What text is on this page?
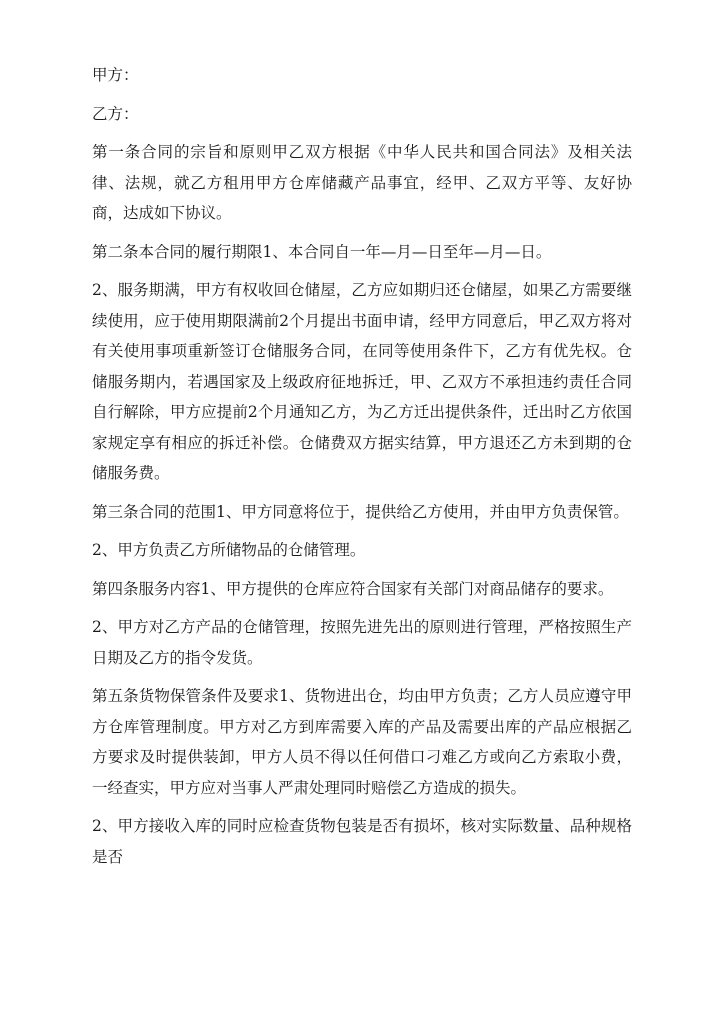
甲方：

乙方：

第一条合同的宗旨和原则甲乙双方根据《中华人民共和国合同法》及相关法律、法规，就乙方租用甲方仓库储藏产品事宜，经甲、乙双方平等、友好协商，达成如下协议。

第二条本合同的履行期限1、本合同自一年—月—日至年—月—日。

2、服务期满，甲方有权收回仓储屋，乙方应如期归还仓储屋，如果乙方需要继续使用，应于使用期限满前2个月提出书面申请，经甲方同意后，甲乙双方将对有关使用事项重新签订仓储服务合同，在同等使用条件下，乙方有优先权。仓储服务期内，若遇国家及上级政府征地拆迁，甲、乙双方不承担违约责任合同自行解除，甲方应提前2个月通知乙方，为乙方迁出提供条件，迁出时乙方依国家规定享有相应的拆迁补偿。仓储费双方据实结算，甲方退还乙方未到期的仓储服务费。

第三条合同的范围1、甲方同意将位于，提供给乙方使用，并由甲方负责保管。

2、甲方负责乙方所储物品的仓储管理。

第四条服务内容1、甲方提供的仓库应符合国家有关部门对商品储存的要求。

2、甲方对乙方产品的仓储管理，按照先进先出的原则进行管理，严格按照生产日期及乙方的指令发货。

第五条货物保管条件及要求1、货物进出仓，均由甲方负责；乙方人员应遵守甲方仓库管理制度。甲方对乙方到库需要入库的产品及需要出库的产品应根据乙方要求及时提供装卸，甲方人员不得以任何借口刁难乙方或向乙方索取小费，一经查实，甲方应对当事人严肃处理同时赔偿乙方造成的损失。

2、甲方接收入库的同时应检查货物包装是否有损坏，核对实际数量、品种规格是否
